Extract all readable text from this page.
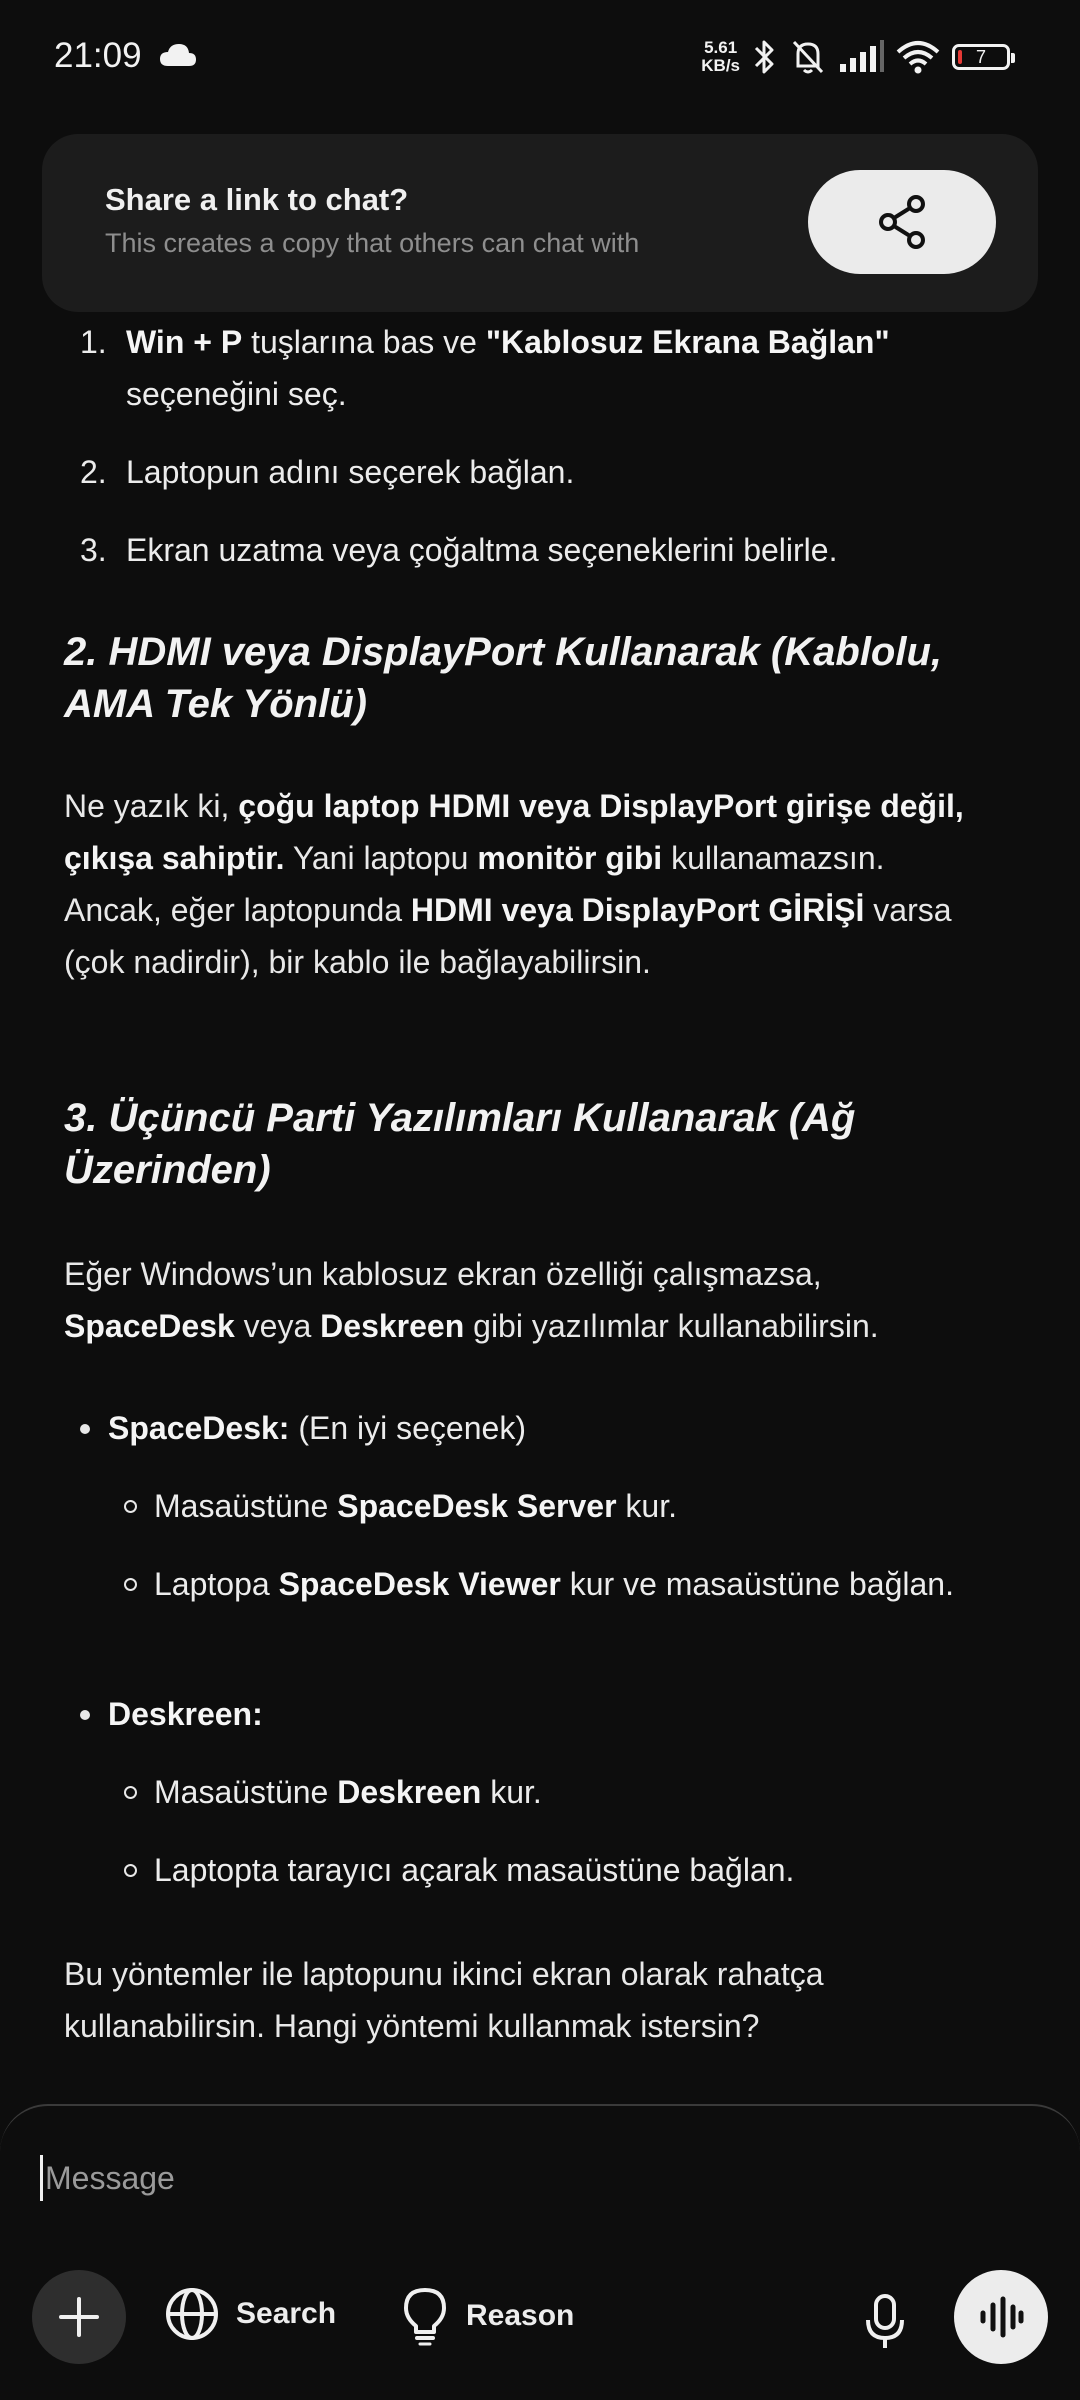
21:09	5.61
KB/s	7
Share a link to chat?
This creates a copy that others can chat with
1. Win + P tuşlarına bas ve "Kablosuz Ekrana Bağlan" seçeneğini seç.
2. Laptopun adını seçerek bağlan.
3. Ekran uzatma veya çoğaltma seçeneklerini belirle.
2. HDMI veya DisplayPort Kullanarak (Kablolu, AMA Tek Yönlü)
Ne yazık ki, çoğu laptop HDMI veya DisplayPort girişe değil, çıkışa sahiptir. Yani laptopu monitör gibi kullanamazsın. Ancak, eğer laptopunda HDMI veya DisplayPort GİRİŞİ varsa (çok nadirdir), bir kablo ile bağlayabilirsin.
3. Üçüncü Parti Yazılımları Kullanarak (Ağ Üzerinden)
Eğer Windows’un kablosuz ekran özelliği çalışmazsa, SpaceDesk veya Deskreen gibi yazılımlar kullanabilirsin.
SpaceDesk: (En iyi seçenek)
Masaüstüne SpaceDesk Server kur.
Laptopa SpaceDesk Viewer kur ve masaüstüne bağlan.
Deskreen:
Masaüstüne Deskreen kur.
Laptopta tarayıcı açarak masaüstüne bağlan.
Bu yöntemler ile laptopunu ikinci ekran olarak rahatça kullanabilirsin. Hangi yöntemi kullanmak istersin?
Message
Search	Reason
